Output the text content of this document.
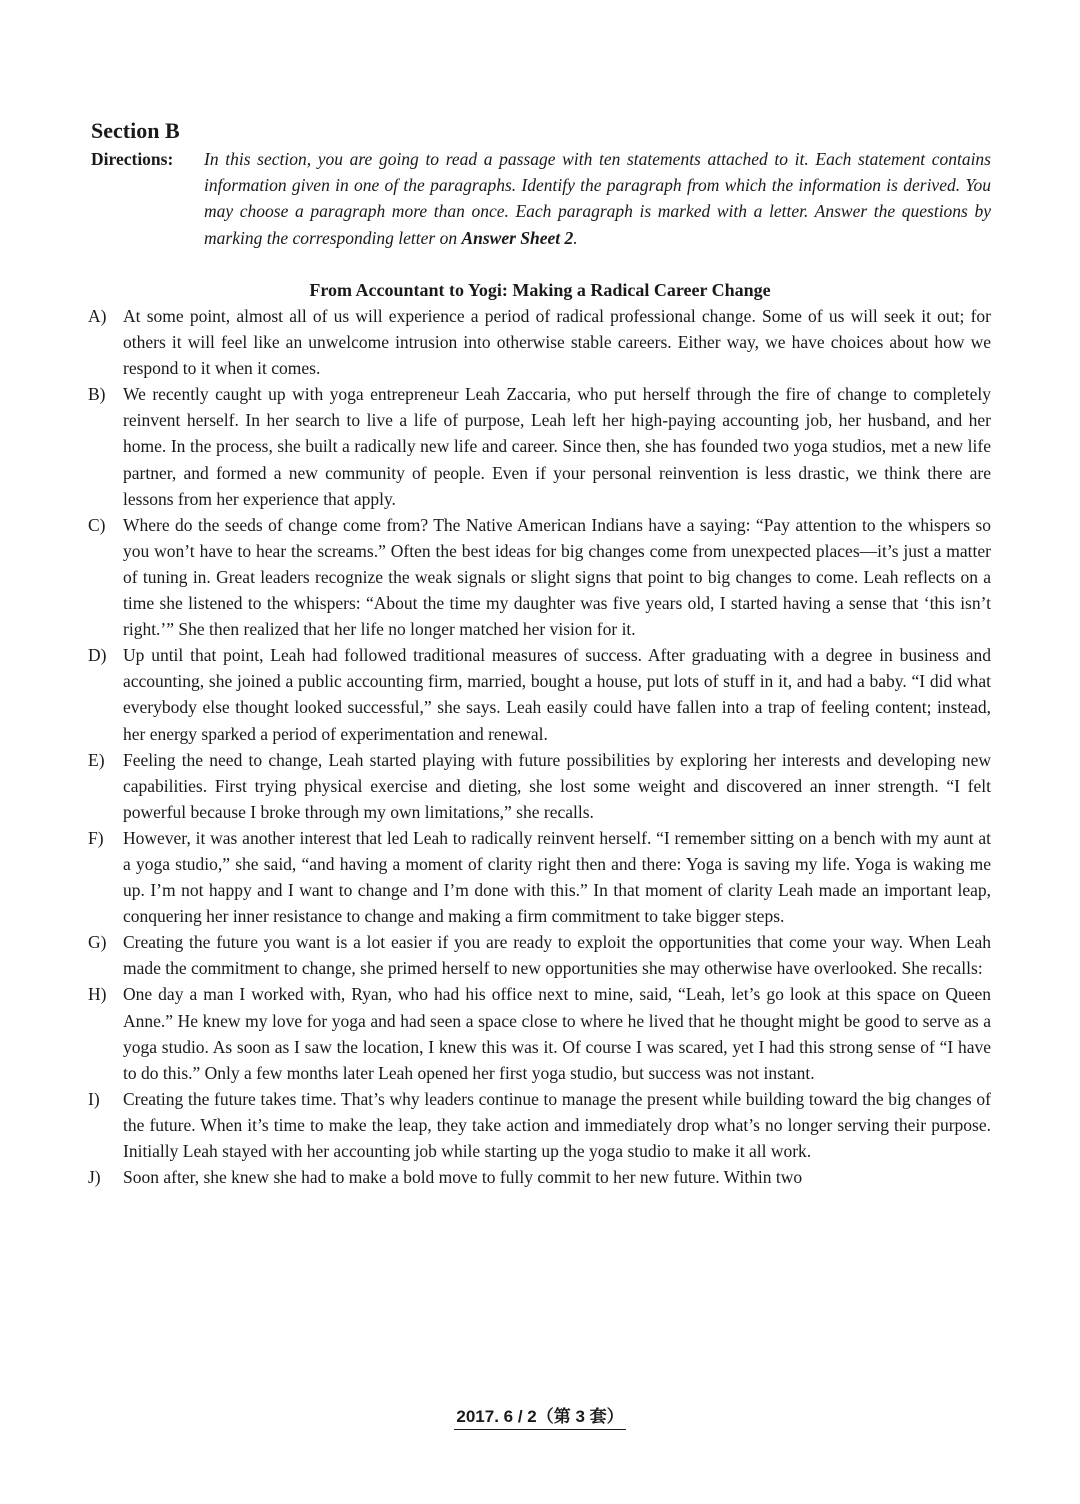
Section B
Directions: In this section, you are going to read a passage with ten statements attached to it. Each statement contains information given in one of the paragraphs. Identify the paragraph from which the information is derived. You may choose a paragraph more than once. Each paragraph is marked with a letter. Answer the questions by marking the corresponding letter on Answer Sheet 2.
From Accountant to Yogi: Making a Radical Career Change
A) At some point, almost all of us will experience a period of radical professional change. Some of us will seek it out; for others it will feel like an unwelcome intrusion into otherwise stable careers. Either way, we have choices about how we respond to it when it comes.
B) We recently caught up with yoga entrepreneur Leah Zaccaria, who put herself through the fire of change to completely reinvent herself. In her search to live a life of purpose, Leah left her high-paying accounting job, her husband, and her home. In the process, she built a radically new life and career. Since then, she has founded two yoga studios, met a new life partner, and formed a new community of people. Even if your personal reinvention is less drastic, we think there are lessons from her experience that apply.
C) Where do the seeds of change come from? The Native American Indians have a saying: “Pay attention to the whispers so you won’t have to hear the screams.” Often the best ideas for big changes come from unexpected places—it’s just a matter of tuning in. Great leaders recognize the weak signals or slight signs that point to big changes to come. Leah reflects on a time she listened to the whispers: “About the time my daughter was five years old, I started having a sense that ‘this isn’t right.’” She then realized that her life no longer matched her vision for it.
D) Up until that point, Leah had followed traditional measures of success. After graduating with a degree in business and accounting, she joined a public accounting firm, married, bought a house, put lots of stuff in it, and had a baby. “I did what everybody else thought looked successful,” she says. Leah easily could have fallen into a trap of feeling content; instead, her energy sparked a period of experimentation and renewal.
E) Feeling the need to change, Leah started playing with future possibilities by exploring her interests and developing new capabilities. First trying physical exercise and dieting, she lost some weight and discovered an inner strength. “I felt powerful because I broke through my own limitations,” she recalls.
F) However, it was another interest that led Leah to radically reinvent herself. “I remember sitting on a bench with my aunt at a yoga studio,” she said, “and having a moment of clarity right then and there: Yoga is saving my life. Yoga is waking me up. I’m not happy and I want to change and I’m done with this.” In that moment of clarity Leah made an important leap, conquering her inner resistance to change and making a firm commitment to take bigger steps.
G) Creating the future you want is a lot easier if you are ready to exploit the opportunities that come your way. When Leah made the commitment to change, she primed herself to new opportunities she may otherwise have overlooked. She recalls:
H) One day a man I worked with, Ryan, who had his office next to mine, said, “Leah, let’s go look at this space on Queen Anne.” He knew my love for yoga and had seen a space close to where he lived that he thought might be good to serve as a yoga studio. As soon as I saw the location, I knew this was it. Of course I was scared, yet I had this strong sense of “I have to do this.” Only a few months later Leah opened her first yoga studio, but success was not instant.
I) Creating the future takes time. That’s why leaders continue to manage the present while building toward the big changes of the future. When it’s time to make the leap, they take action and immediately drop what’s no longer serving their purpose. Initially Leah stayed with her accounting job while starting up the yoga studio to make it all work.
J) Soon after, she knew she had to make a bold move to fully commit to her new future. Within two
2017. 6 / 2（第 3 套）
